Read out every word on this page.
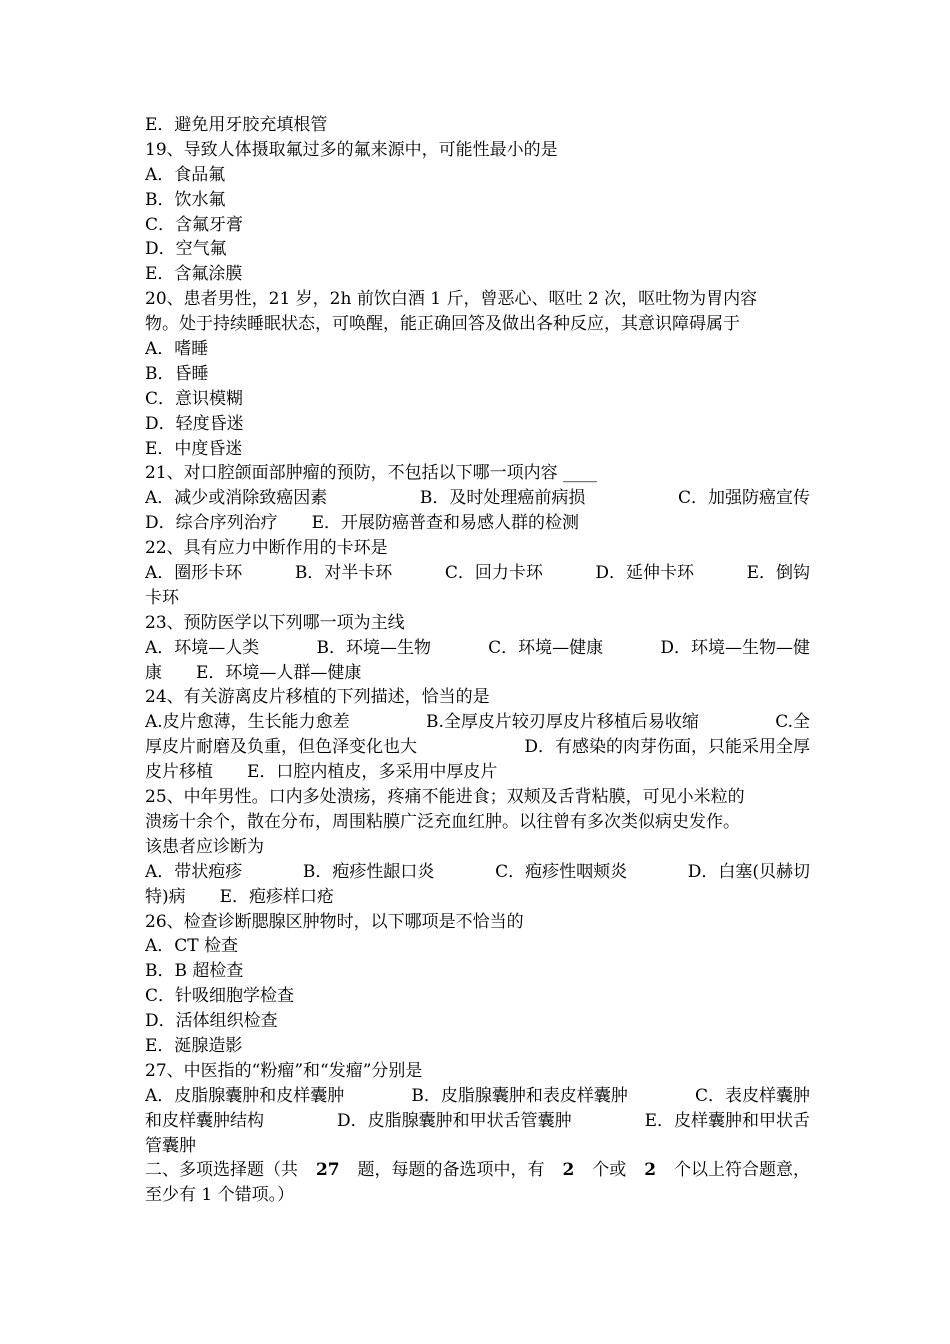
E．避免用牙胶充填根管
19、导致人体摄取氟过多的氟来源中，可能性最小的是
A．食品氟
B．饮水氟
C．含氟牙膏
D．空气氟
E．含氟涂膜
20、患者男性，21 岁，2h 前饮白酒 1 斤，曾恶心、呕吐 2 次，呕吐物为胃内容
物。处于持续睡眠状态，可唤醒，能正确回答及做出各种反应，其意识障碍属于
A．嗜睡
B．昏睡
C．意识模糊
D．轻度昏迷
E．中度昏迷
21、对口腔颌面部肿瘤的预防，不包括以下哪一项内容 ____
A．减少或消除致癌因素	B．及时处理癌前病损	C．加强防癌宣传
D．综合序列治疗　　E．开展防癌普查和易感人群的检测
22、具有应力中断作用的卡环是
A．圈形卡环	B．对半卡环	C．回力卡环	D．延伸卡环	E．倒钩
卡环
23、预防医学以下列哪一项为主线
A．环境—人类	B．环境—生物	C．环境—健康	D．环境—生物—健
康　　E．环境—人群—健康
24、有关游离皮片移植的下列描述，恰当的是
A.皮片愈薄，生长能力愈差	B.全厚皮片较刃厚皮片移植后易收缩	C.全
厚皮片耐磨及负重，但色泽变化也大	D．有感染的肉芽伤面，只能采用全厚
皮片移植　　E．口腔内植皮，多采用中厚皮片
25、中年男性。口内多处溃疡，疼痛不能进食；双颊及舌背粘膜，可见小米粒的
溃疡十余个，散在分布，周围粘膜广泛充血红肿。以往曾有多次类似病史发作。
该患者应诊断为
A．带状疱疹	B．疱疹性龈口炎	C．疱疹性咽颊炎	D．白塞(贝赫切
特)病　　E．疱疹样口疮
26、检查诊断腮腺区肿物时，以下哪项是不恰当的
A．CT 检查
B．B 超检查
C．针吸细胞学检查
D．活体组织检查
E．涎腺造影
27、中医指的“粉瘤”和“发瘤”分别是
A．皮脂腺囊肿和皮样囊肿	B．皮脂腺囊肿和表皮样囊肿	C．表皮样囊肿
和皮样囊肿结构	D．皮脂腺囊肿和甲状舌管囊肿	E．皮样囊肿和甲状舌
管囊肿
二、多项选择题（共 27 题，每题的备选项中，有 2 个或 2 个以上符合题意，
至少有 1 个错项。）
